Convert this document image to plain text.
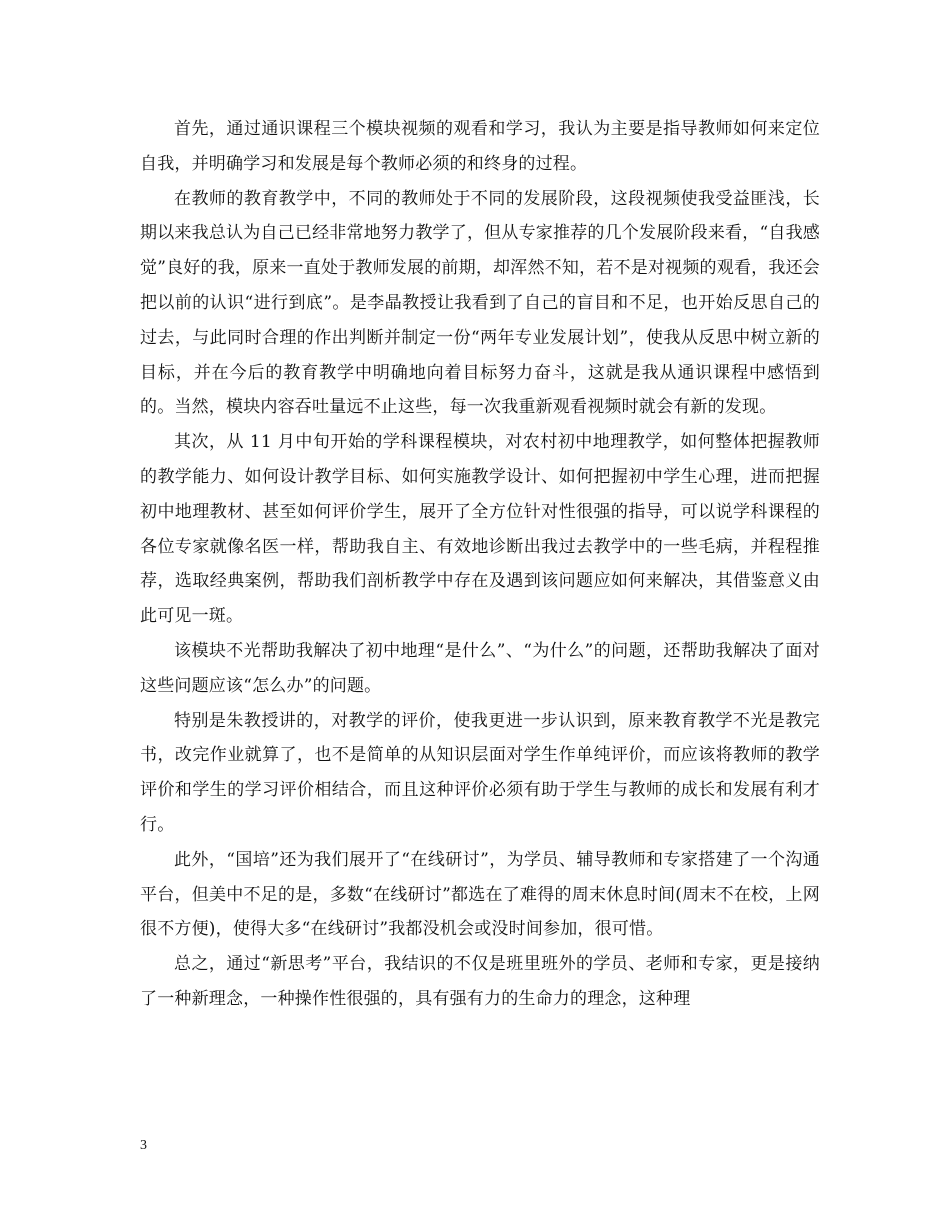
首先，通过通识课程三个模块视频的观看和学习，我认为主要是指导教师如何来定位自我，并明确学习和发展是每个教师必须的和终身的过程。

在教师的教育教学中，不同的教师处于不同的发展阶段，这段视频使我受益匪浅，长期以来我总认为自己已经非常地努力教学了，但从专家推荐的几个发展阶段来看，“自我感觉”良好的我，原来一直处于教师发展的前期，却浑然不知，若不是对视频的观看，我还会把以前的认识“进行到底”。是李晶教授让我看到了自己的盲目和不足，也开始反思自己的过去，与此同时合理的作出判断并制定一份“两年专业发展计划”，使我从反思中树立新的目标，并在今后的教育教学中明确地向着目标努力奋斗，这就是我从通识课程中感悟到的。当然，模块内容吞吐量远不止这些，每一次我重新观看视频时就会有新的发现。

其次，从 11 月中旬开始的学科课程模块，对农村初中地理教学，如何整体把握教师的教学能力、如何设计教学目标、如何实施教学设计、如何把握初中学生心理，进而把握初中地理教材、甚至如何评价学生，展开了全方位针对性很强的指导，可以说学科课程的各位专家就像名医一样，帮助我自主、有效地诊断出我过去教学中的一些毛病，并程程推荐，选取经典案例，帮助我们剖析教学中存在及遇到该问题应如何来解决，其借鉴意义由此可见一斑。

该模块不光帮助我解决了初中地理“是什么”、“为什么”的问题，还帮助我解决了面对这些问题应该“怎么办”的问题。

特别是朱教授讲的，对教学的评价，使我更进一步认识到，原来教育教学不光是教完书，改完作业就算了，也不是简单的从知识层面对学生作单纯评价，而应该将教师的教学评价和学生的学习评价相结合，而且这种评价必须有助于学生与教师的成长和发展有利才行。

此外，“国培”还为我们展开了“在线研讨”，为学员、辅导教师和专家搭建了一个沟通平台，但美中不足的是，多数“在线研讨”都选在了难得的周末休息时间(周末不在校，上网很不方便)，使得大多“在线研讨”我都没机会或没时间参加，很可惜。

总之，通过“新思考”平台，我结识的不仅是班里班外的学员、老师和专家，更是接纳了一种新理念，一种操作性很强的，具有强有力的生命力的理念，这种理

3
